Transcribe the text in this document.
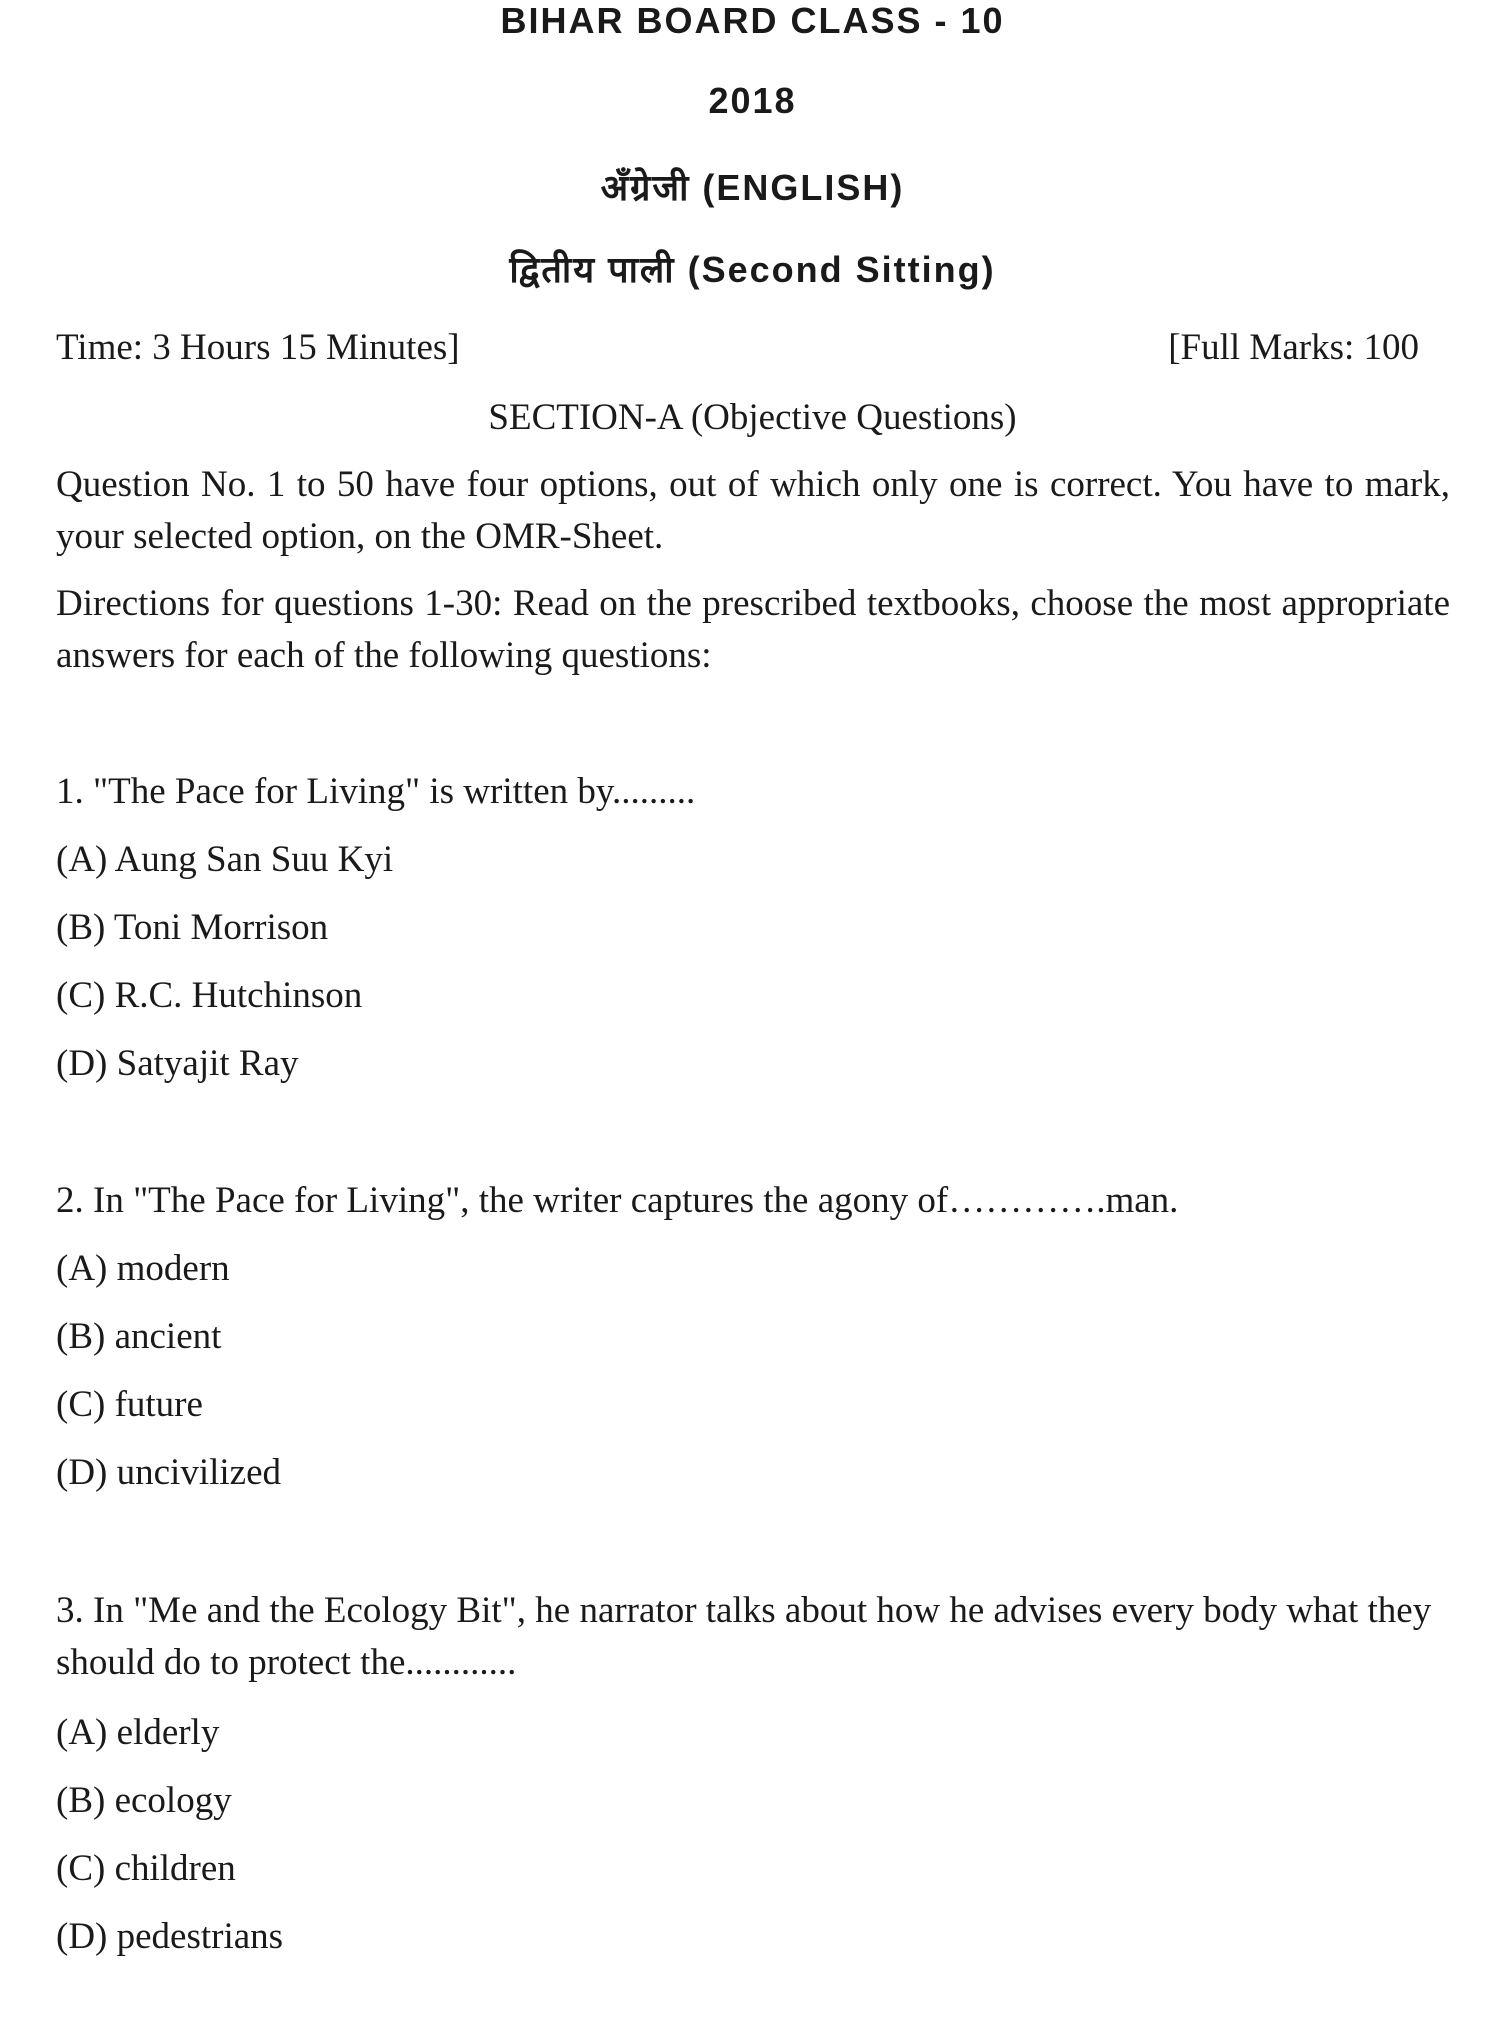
BIHAR BOARD CLASS - 10
2018
अँग्रेजी (ENGLISH)
द्वितीय पाली (Second Sitting)
Time: 3 Hours 15 Minutes]	[Full Marks: 100
SECTION-A (Objective Questions)
Question No. 1 to 50 have four options, out of which only one is correct. You have to mark, your selected option, on the OMR-Sheet.
Directions for questions 1-30: Read on the prescribed textbooks, choose the most appropriate answers for each of the following questions:
1. "The Pace for Living" is written by.........
(A) Aung San Suu Kyi
(B) Toni Morrison
(C) R.C. Hutchinson
(D) Satyajit Ray
2. In "The Pace for Living", the writer captures the agony of………….man.
(A) modern
(B) ancient
(C) future
(D) uncivilized
3. In "Me and the Ecology Bit", he narrator talks about how he advises every body what they should do to protect the............
(A) elderly
(B) ecology
(C) children
(D) pedestrians
